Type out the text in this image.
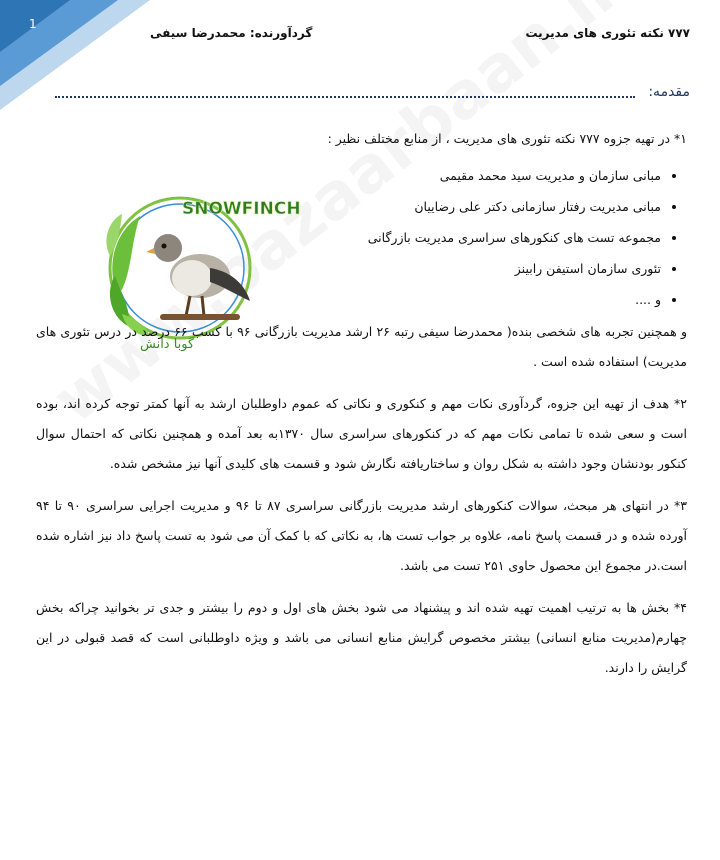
1
۷۷۷ نکته تئوری های مدیریت
گردآورنده: محمدرضا سیفی
مقدمه:
SNOWFINCH
گوبا دانش

۱* در تهیه جزوه ۷۷۷ نکته تئوری های مدیریت ، از منابع مختلف نظیر :

• مبانی سازمان و مدیریت سید محمد مقیمی
• مبانی مدیریت رفتار سازمانی دکتر علی رضاییان
• مجموعه تست های کنکورهای سراسری مدیریت بازرگانی
• تئوری سازمان استیفن رابینز
• و ....

و همچنین تجربه های شخصی بنده( محمدرضا سیفی رتبه ۲۶ ارشد مدیریت بازرگانی ۹۶ با کسب ۶۶ درصد در درس تئوری های مدیریت) استفاده شده است .

۲* هدف از تهیه این جزوه، گردآوری نکات مهم و کنکوری و نکاتی که عموم داوطلبان ارشد به آنها کمتر توجه کرده اند، بوده است و سعی شده تا تمامی نکات مهم که در کنکورهای سراسری سال ۱۳۷۰به بعد آمده و همچنین نکاتی که احتمال سوال کنکور بودنشان وجود داشته به شکل روان و ساختاریافته نگارش شود و قسمت های کلیدی آنها نیز مشخص شده.

۳* در انتهای هر مبحث، سوالات کنکورهای ارشد مدیریت بازرگانی سراسری ۸۷ تا ۹۶ و مدیریت اجرایی سراسری ۹۰ تا ۹۴ آورده شده و در قسمت پاسخ نامه، علاوه بر جواب تست ها، به نکاتی که با کمک آن می شود به تست پاسخ داد نیز اشاره شده است.در مجموع این محصول حاوی ۲۵۱ تست می باشد.

۴* بخش ها به ترتیب اهمیت تهیه شده اند و پیشنهاد می شود بخش های اول و دوم را بیشتر و جدی تر بخوانید چراکه بخش چهارم(مدیریت منابع انسانی) بیشتر مخصوص گرایش منابع انسانی می باشد و ویژه داوطلبانی است که قصد قبولی در این گرایش را دارند.
